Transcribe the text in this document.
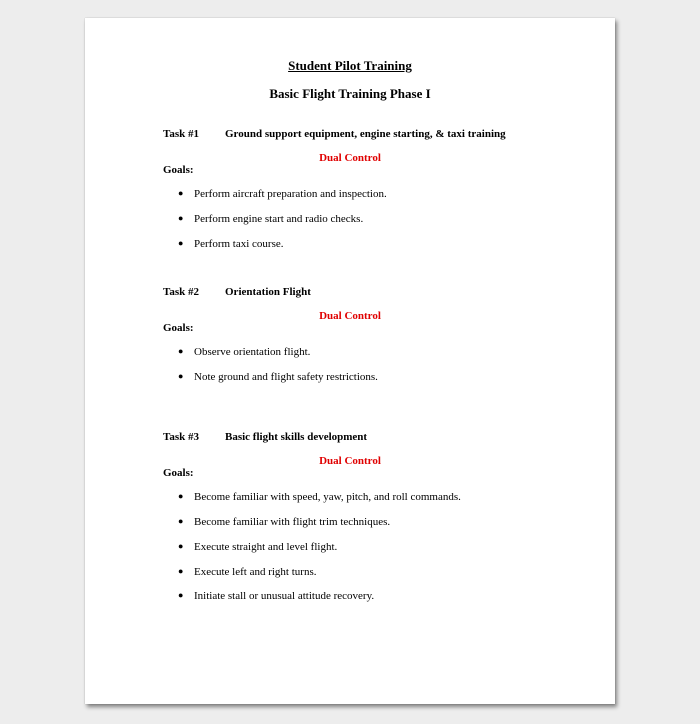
Student Pilot Training
Basic Flight Training Phase I
Task #1 Ground support equipment, engine starting, & taxi training
Dual Control
Goals:
● Perform aircraft preparation and inspection.
● Perform engine start and radio checks.
● Perform taxi course.
Task #2 Orientation Flight
Dual Control
Goals:
● Observe orientation flight.
● Note ground and flight safety restrictions.
Task #3 Basic flight skills development
Dual Control
Goals:
● Become familiar with speed, yaw, pitch, and roll commands.
● Become familiar with flight trim techniques.
● Execute straight and level flight.
● Execute left and right turns.
● Initiate stall or unusual attitude recovery.
